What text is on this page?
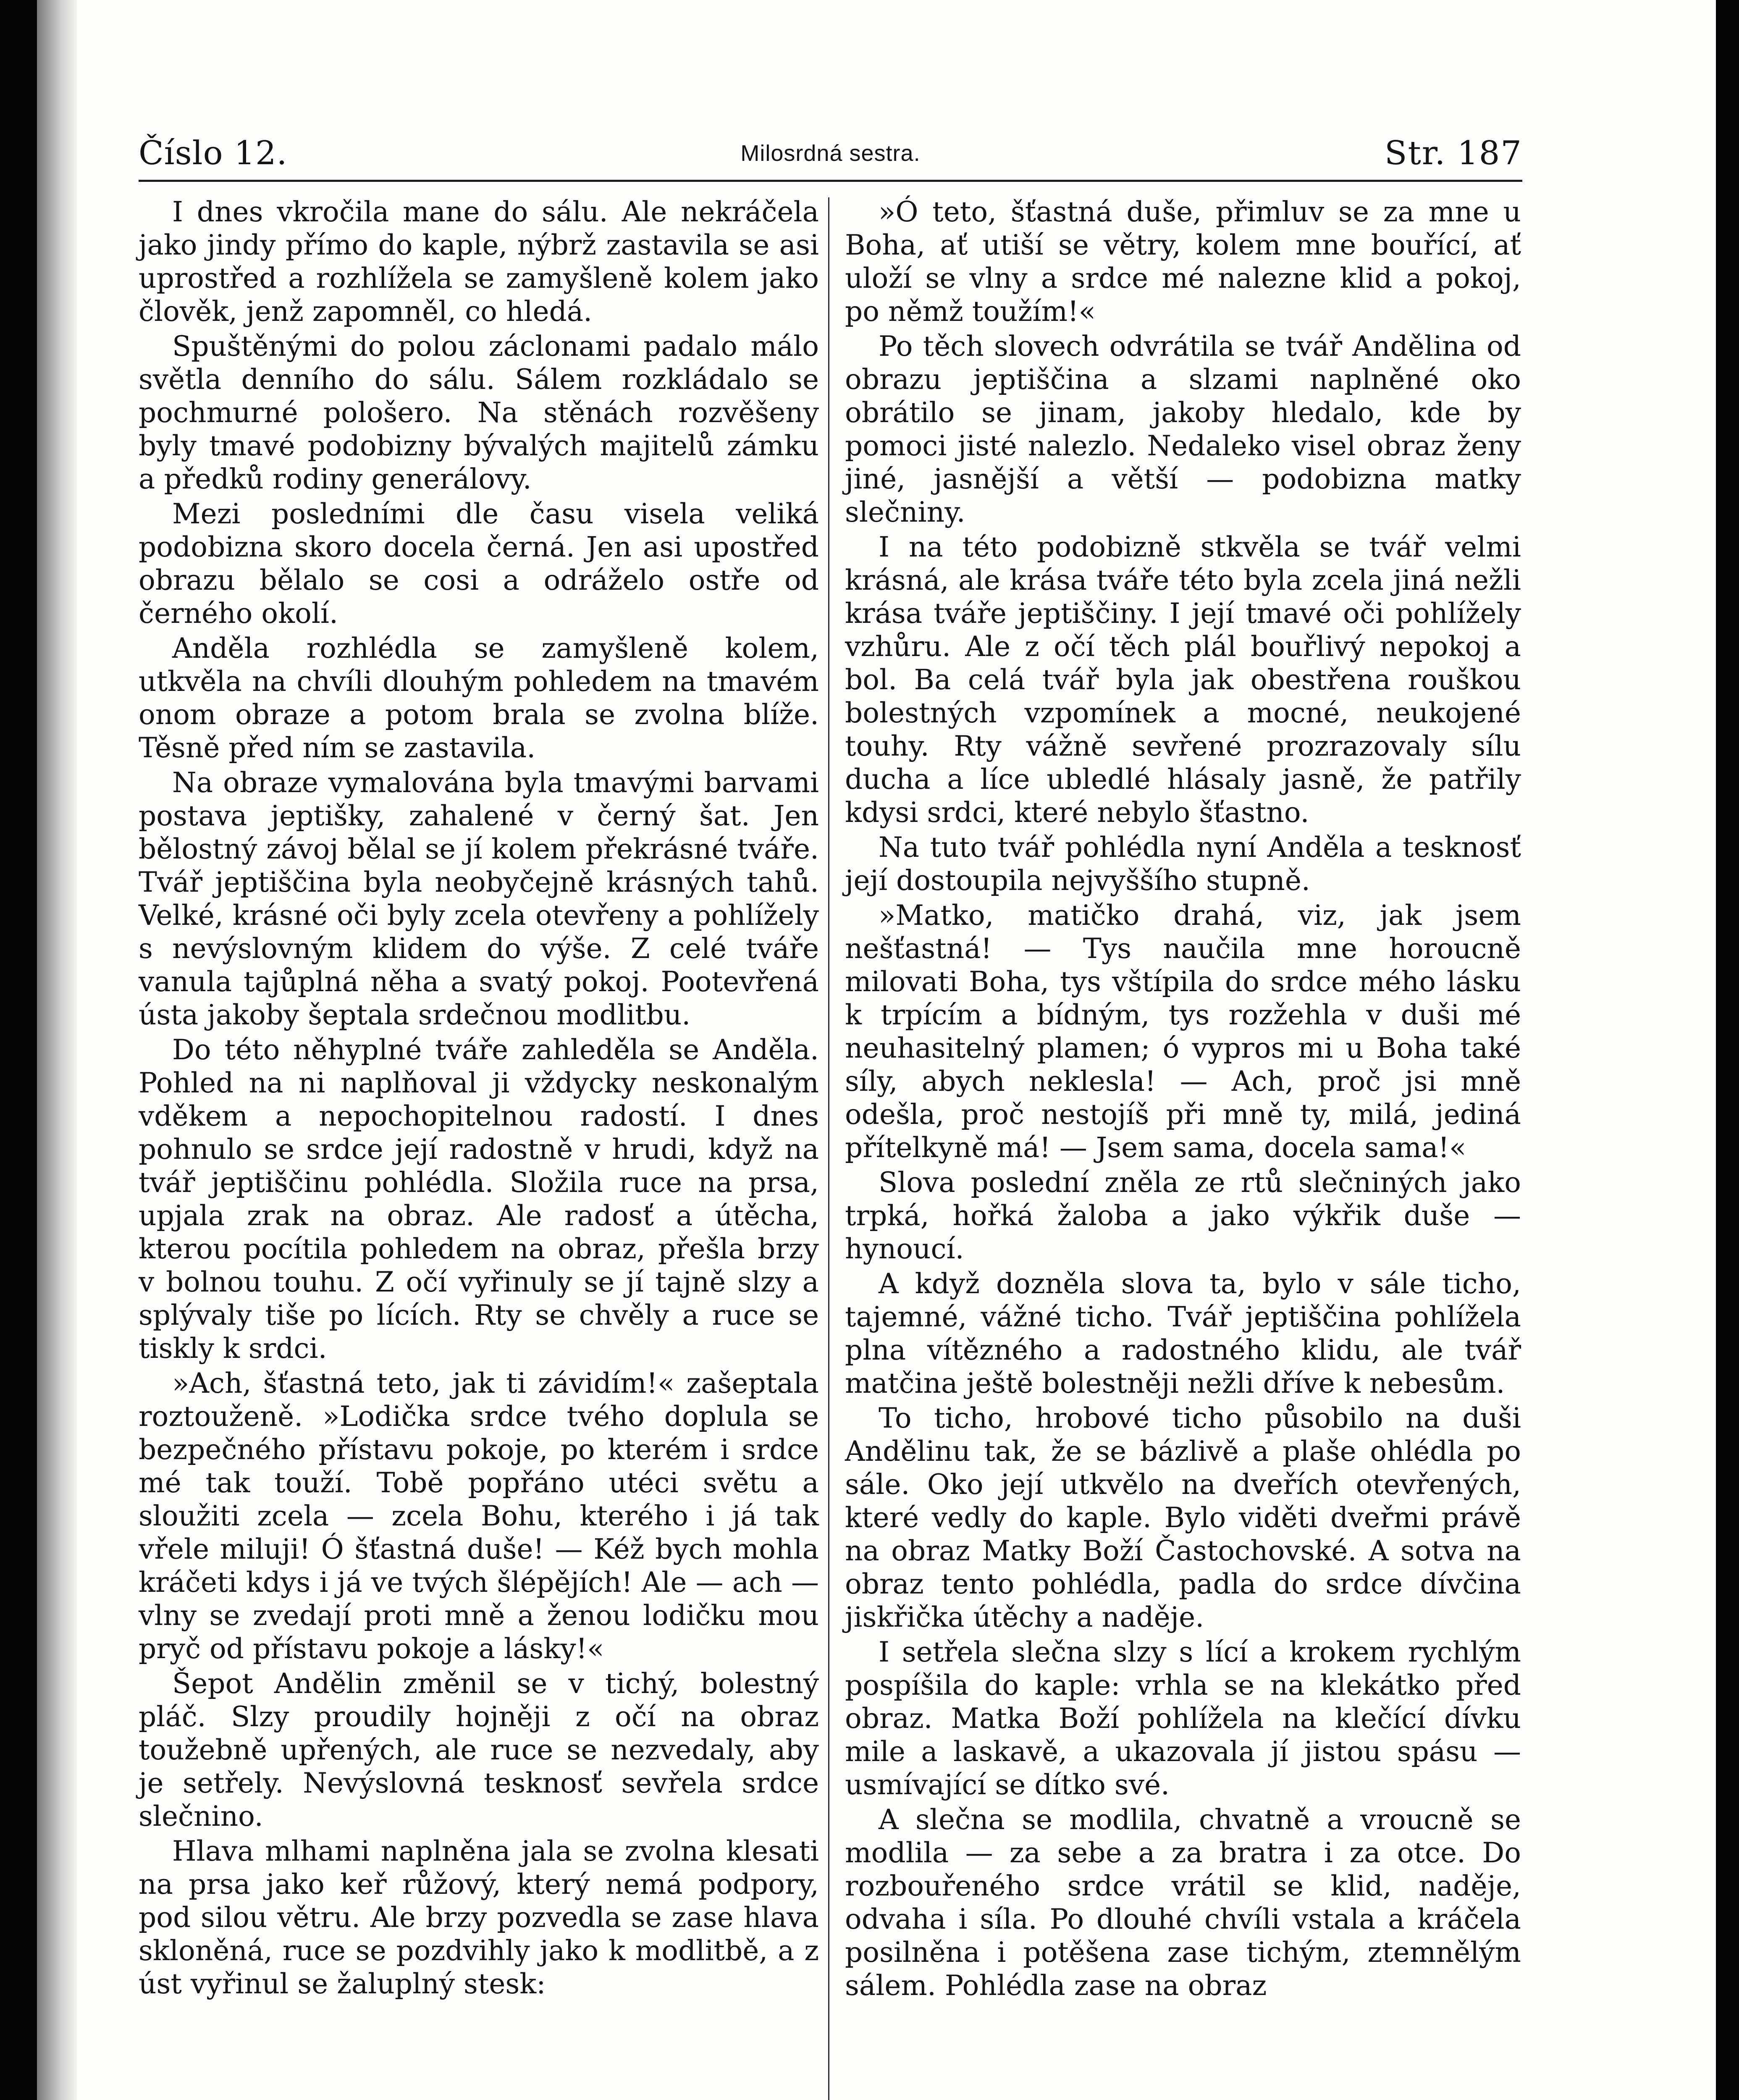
Číslo 12.	Milosrdná sestra.	Str. 187

I dnes vkročila mane do sálu. Ale nekráčela jako jindy přímo do kaple, nýbrž zastavila se asi uprostřed a rozhlížela se zamyšleně kolem jako člověk, jenž zapomněl, co hledá.

Spuštěnými do polou záclonami padalo málo světla denního do sálu. Sálem rozkládalo se pochmurné pološero. Na stěnách rozvěšeny byly tmavé podobizny bývalých majitelů zámku a předků rodiny generálovy.

Mezi posledními dle času visela veliká podobizna skoro docela černá. Jen asi upostřed obrazu bělalo se cosi a odráželo ostře od černého okolí.

Anděla rozhlédla se zamyšleně kolem, utkvěla na chvíli dlouhým pohledem na tmavém onom obraze a potom brala se zvolna blíže. Těsně před ním se zastavila.

Na obraze vymalována byla tmavými barvami postava jeptišky, zahalené v černý šat. Jen bělostný závoj bělal se jí kolem překrásné tváře. Tvář jeptiščina byla neobyčejně krásných tahů. Velké, krásné oči byly zcela otevřeny a pohlížely s nevýslovným klidem do výše. Z celé tváře vanula tajůplná něha a svatý pokoj. Pootevřená ústa jakoby šeptala srdečnou modlitbu.

Do této něhyplné tváře zahleděla se Anděla. Pohled na ni naplňoval ji vždycky neskonalým vděkem a nepochopitelnou radostí. I dnes pohnulo se srdce její radostně v hrudi, když na tvář jeptiščinu pohlédla. Složila ruce na prsa, upjala zrak na obraz. Ale radosť a útěcha, kterou pocítila pohledem na obraz, přešla brzy v bolnou touhu. Z očí vyřinuly se jí tajně slzy a splývaly tiše po lících. Rty se chvěly a ruce se tiskly k srdci.

»Ach, šťastná teto, jak ti závidím!« zašeptala roztouženě. »Lodička srdce tvého doplula se bezpečného přístavu pokoje, po kterém i srdce mé tak touží. Tobě popřáno utéci světu a sloužiti zcela — zcela Bohu, kterého i já tak vřele miluji! Ó šťastná duše! — Kéž bych mohla kráčeti kdys i já ve tvých šlépějích! Ale — ach — vlny se zvedají proti mně a ženou lodičku mou pryč od přístavu pokoje a lásky!«

Šepot Andělin změnil se v tichý, bolestný pláč. Slzy proudily hojněji z očí na obraz toužebně upřených, ale ruce se nezvedaly, aby je setřely. Nevýslovná tesknosť sevřela srdce slečnino.

Hlava mlhami naplněna jala se zvolna klesati na prsa jako keř růžový, který nemá podpory, pod silou větru. Ale brzy pozvedla se zase hlava skloněná, ruce se pozdvihly jako k modlitbě, a z úst vyřinul se žaluplný stesk:

»Ó teto, šťastná duše, přimluv se za mne u Boha, ať utiší se větry, kolem mne bouřící, ať uloží se vlny a srdce mé nalezne klid a pokoj, po němž toužím!«

Po těch slovech odvrátila se tvář Andělina od obrazu jeptiščina a slzami naplněné oko obrátilo se jinam, jakoby hledalo, kde by pomoci jisté nalezlo. Nedaleko visel obraz ženy jiné, jasnější a větší — podobizna matky slečniny.

I na této podobizně stkvěla se tvář velmi krásná, ale krása tváře této byla zcela jiná nežli krása tváře jeptiščiny. I její tmavé oči pohlížely vzhůru. Ale z očí těch plál bouřlivý nepokoj a bol. Ba celá tvář byla jak obestřena rouškou bolestných vzpomínek a mocné, neukojené touhy. Rty vážně sevřené prozrazovaly sílu ducha a líce ubledlé hlásaly jasně, že patřily kdysi srdci, které nebylo šťastno.

Na tuto tvář pohlédla nyní Anděla a tesknosť její dostoupila nejvyššího stupně.

»Matko, matičko drahá, viz, jak jsem nešťastná! — Tys naučila mne horoucně milovati Boha, tys vštípila do srdce mého lásku k trpícím a bídným, tys rozžehla v duši mé neuhasitelný plamen; ó vypros mi u Boha také síly, abych neklesla! — Ach, proč jsi mně odešla, proč nestojíš při mně ty, milá, jediná přítelkyně má! — Jsem sama, docela sama!«

Slova poslední zněla ze rtů slečniných jako trpká, hořká žaloba a jako výkřik duše — hynoucí.

A když dozněla slova ta, bylo v sále ticho, tajemné, vážné ticho. Tvář jeptiščina pohlížela plna vítězného a radostného klidu, ale tvář matčina ještě bolestněji nežli dříve k nebesům.

To ticho, hrobové ticho působilo na duši Andělinu tak, že se bázlivě a plaše ohlédla po sále. Oko její utkvělo na dveřích otevřených, které vedly do kaple. Bylo viděti dveřmi právě na obraz Matky Boží Častochovské. A sotva na obraz tento pohlédla, padla do srdce dívčina jiskřička útěchy a naděje.

I setřela slečna slzy s lící a krokem rychlým pospíšila do kaple: vrhla se na klekátko před obraz. Matka Boží pohlížela na klečící dívku mile a laskavě, a ukazovala jí jistou spásu — usmívající se dítko své.

A slečna se modlila, chvatně a vroucně se modlila — za sebe a za bratra i za otce. Do rozbouřeného srdce vrátil se klid, naděje, odvaha i síla. Po dlouhé chvíli vstala a kráčela posilněna i potěšena zase tichým, ztemnělým sálem. Pohlédla zase na obraz
